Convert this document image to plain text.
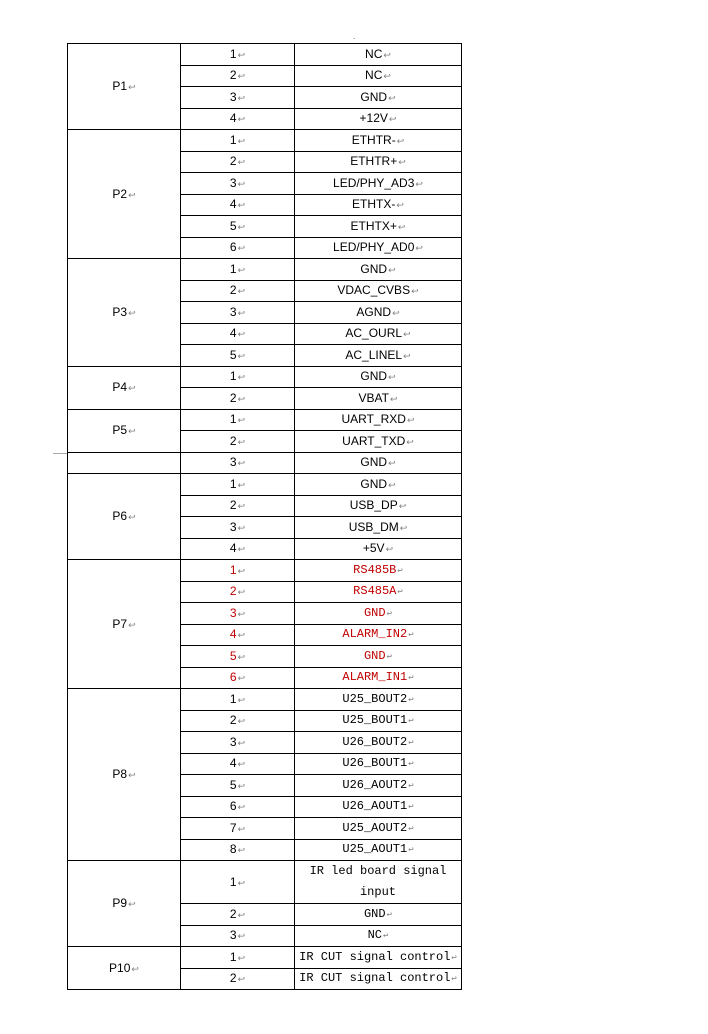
.
P1↩	1↩	NC↩
	2↩	NC↩
	3↩	GND↩
	4↩	+12V↩
P2↩	1↩	ETHTR-↩
	2↩	ETHTR+↩
	3↩	LED/PHY_AD3↩
	4↩	ETHTX-↩
	5↩	ETHTX+↩
	6↩	LED/PHY_AD0↩
P3↩	1↩	GND↩
	2↩	VDAC_CVBS↩
	3↩	AGND↩
	4↩	AC_OURL↩
	5↩	AC_LINEL↩
P4↩	1↩	GND↩
	2↩	VBAT↩
P5↩	1↩	UART_RXD↩
	2↩	UART_TXD↩
	3↩	GND↩
P6↩	1↩	GND↩
	2↩	USB_DP↩
	3↩	USB_DM↩
	4↩	+5V↩
P7↩	1↩	RS485B↩
	2↩	RS485A↩
	3↩	GND↩
	4↩	ALARM_IN2↩
	5↩	GND↩
	6↩	ALARM_IN1↩
P8↩	1↩	U25_BOUT2↩
	2↩	U25_BOUT1↩
	3↩	U26_BOUT2↩
	4↩	U26_BOUT1↩
	5↩	U26_AOUT2↩
	6↩	U26_AOUT1↩
	7↩	U25_AOUT2↩
	8↩	U25_AOUT1↩
P9↩	1↩	IR led board signal input
	2↩	GND↩
	3↩	NC↩
P10↩	1↩	IR CUT signal control↩
	2↩	IR CUT signal control↩
